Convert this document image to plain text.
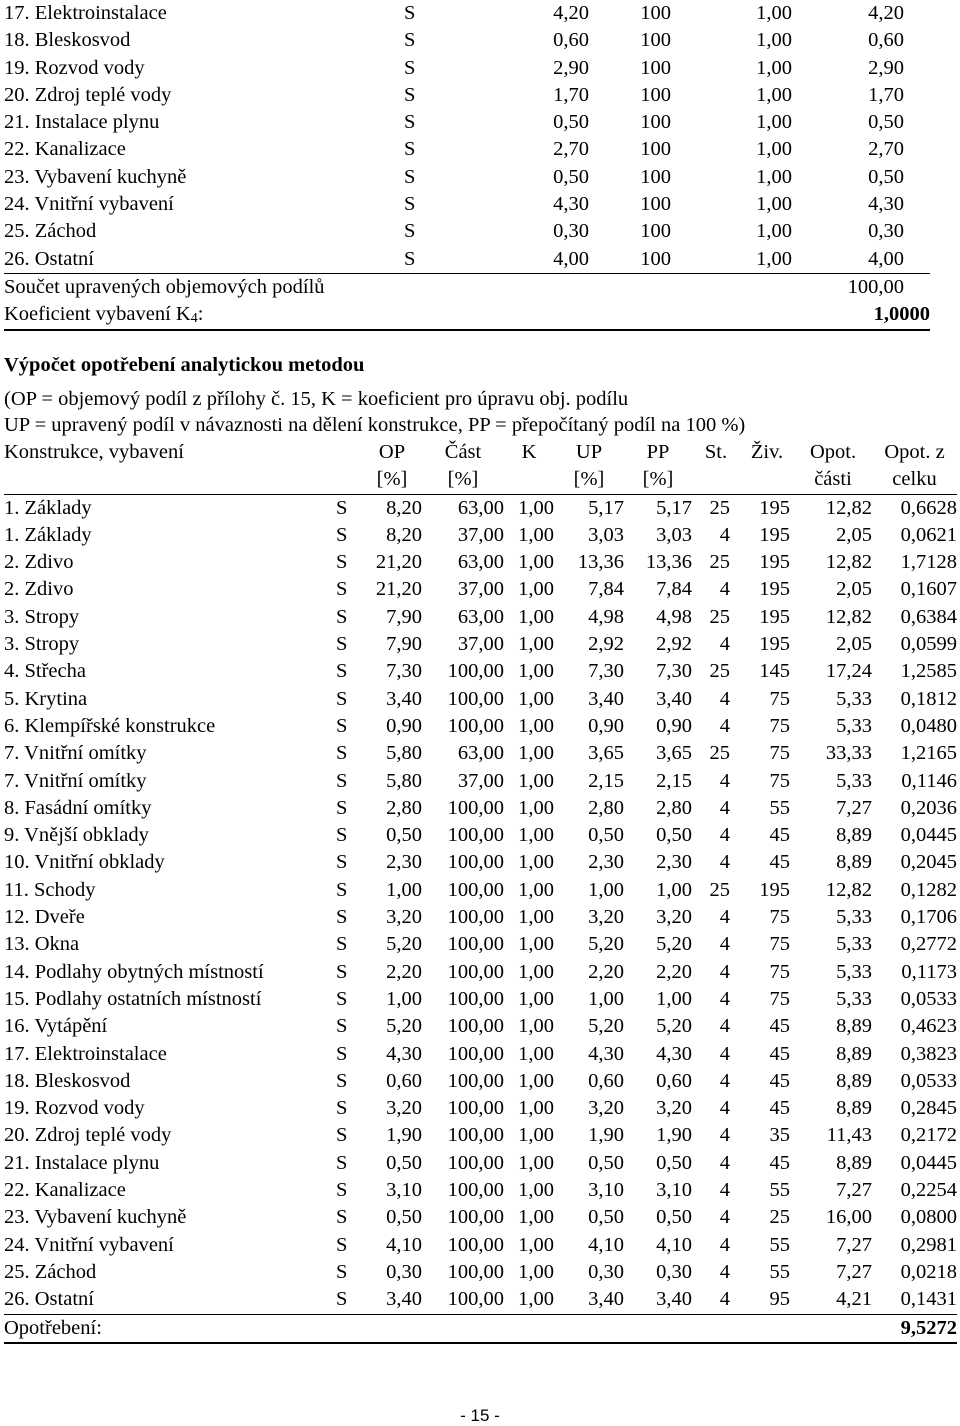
17. Elektroinstalace	S	4,20	100	1,00	4,20
18. Bleskosvod	S	0,60	100	1,00	0,60
19. Rozvod vody	S	2,90	100	1,00	2,90
20. Zdroj teplé vody	S	1,70	100	1,00	1,70
21. Instalace plynu	S	0,50	100	1,00	0,50
22. Kanalizace	S	2,70	100	1,00	2,70
23. Vybavení kuchyně	S	0,50	100	1,00	0,50
24. Vnitřní vybavení	S	4,30	100	1,00	4,30
25. Záchod	S	0,30	100	1,00	0,30
26. Ostatní	S	4,00	100	1,00	4,00
Součet upravených objemových podílů					100,00
Koeficient vybavení $K_4$:					1,0000
Výpočet opotřebení analytickou metodou
(OP = objemový podíl z přílohy č. 15, K = koeficient pro úpravu obj. podílu
UP = upravený podíl v návaznosti na dělení konstrukce, PP = přepočítaný podíl na 100 %)
Konstrukce, vybavení		OP	Část	K	UP	PP	St.	Živ.	Opot.	Opot. z
		[%]	[%]		[%]	[%]			části	celku
1. Základy	S	8,20	63,00	1,00	5,17	5,17	25	195	12,82	0,6628
1. Základy	S	8,20	37,00	1,00	3,03	3,03	4	195	2,05	0,0621
2. Zdivo	S	21,20	63,00	1,00	13,36	13,36	25	195	12,82	1,7128
2. Zdivo	S	21,20	37,00	1,00	7,84	7,84	4	195	2,05	0,1607
3. Stropy	S	7,90	63,00	1,00	4,98	4,98	25	195	12,82	0,6384
3. Stropy	S	7,90	37,00	1,00	2,92	2,92	4	195	2,05	0,0599
4. Střecha	S	7,30	100,00	1,00	7,30	7,30	25	145	17,24	1,2585
5. Krytina	S	3,40	100,00	1,00	3,40	3,40	4	75	5,33	0,1812
6. Klempířské konstrukce	S	0,90	100,00	1,00	0,90	0,90	4	75	5,33	0,0480
7. Vnitřní omítky	S	5,80	63,00	1,00	3,65	3,65	25	75	33,33	1,2165
7. Vnitřní omítky	S	5,80	37,00	1,00	2,15	2,15	4	75	5,33	0,1146
8. Fasádní omítky	S	2,80	100,00	1,00	2,80	2,80	4	55	7,27	0,2036
9. Vnější obklady	S	0,50	100,00	1,00	0,50	0,50	4	45	8,89	0,0445
10. Vnitřní obklady	S	2,30	100,00	1,00	2,30	2,30	4	45	8,89	0,2045
11. Schody	S	1,00	100,00	1,00	1,00	1,00	25	195	12,82	0,1282
12. Dveře	S	3,20	100,00	1,00	3,20	3,20	4	75	5,33	0,1706
13. Okna	S	5,20	100,00	1,00	5,20	5,20	4	75	5,33	0,2772
14. Podlahy obytných místností	S	2,20	100,00	1,00	2,20	2,20	4	75	5,33	0,1173
15. Podlahy ostatních místností	S	1,00	100,00	1,00	1,00	1,00	4	75	5,33	0,0533
16. Vytápění	S	5,20	100,00	1,00	5,20	5,20	4	45	8,89	0,4623
17. Elektroinstalace	S	4,30	100,00	1,00	4,30	4,30	4	45	8,89	0,3823
18. Bleskosvod	S	0,60	100,00	1,00	0,60	0,60	4	45	8,89	0,0533
19. Rozvod vody	S	3,20	100,00	1,00	3,20	3,20	4	45	8,89	0,2845
20. Zdroj teplé vody	S	1,90	100,00	1,00	1,90	1,90	4	35	11,43	0,2172
21. Instalace plynu	S	0,50	100,00	1,00	0,50	0,50	4	45	8,89	0,0445
22. Kanalizace	S	3,10	100,00	1,00	3,10	3,10	4	55	7,27	0,2254
23. Vybavení kuchyně	S	0,50	100,00	1,00	0,50	0,50	4	25	16,00	0,0800
24. Vnitřní vybavení	S	4,10	100,00	1,00	4,10	4,10	4	55	7,27	0,2981
25. Záchod	S	0,30	100,00	1,00	0,30	0,30	4	55	7,27	0,0218
26. Ostatní	S	3,40	100,00	1,00	3,40	3,40	4	95	4,21	0,1431
Opotřebení:										9,5272
- 15 -
